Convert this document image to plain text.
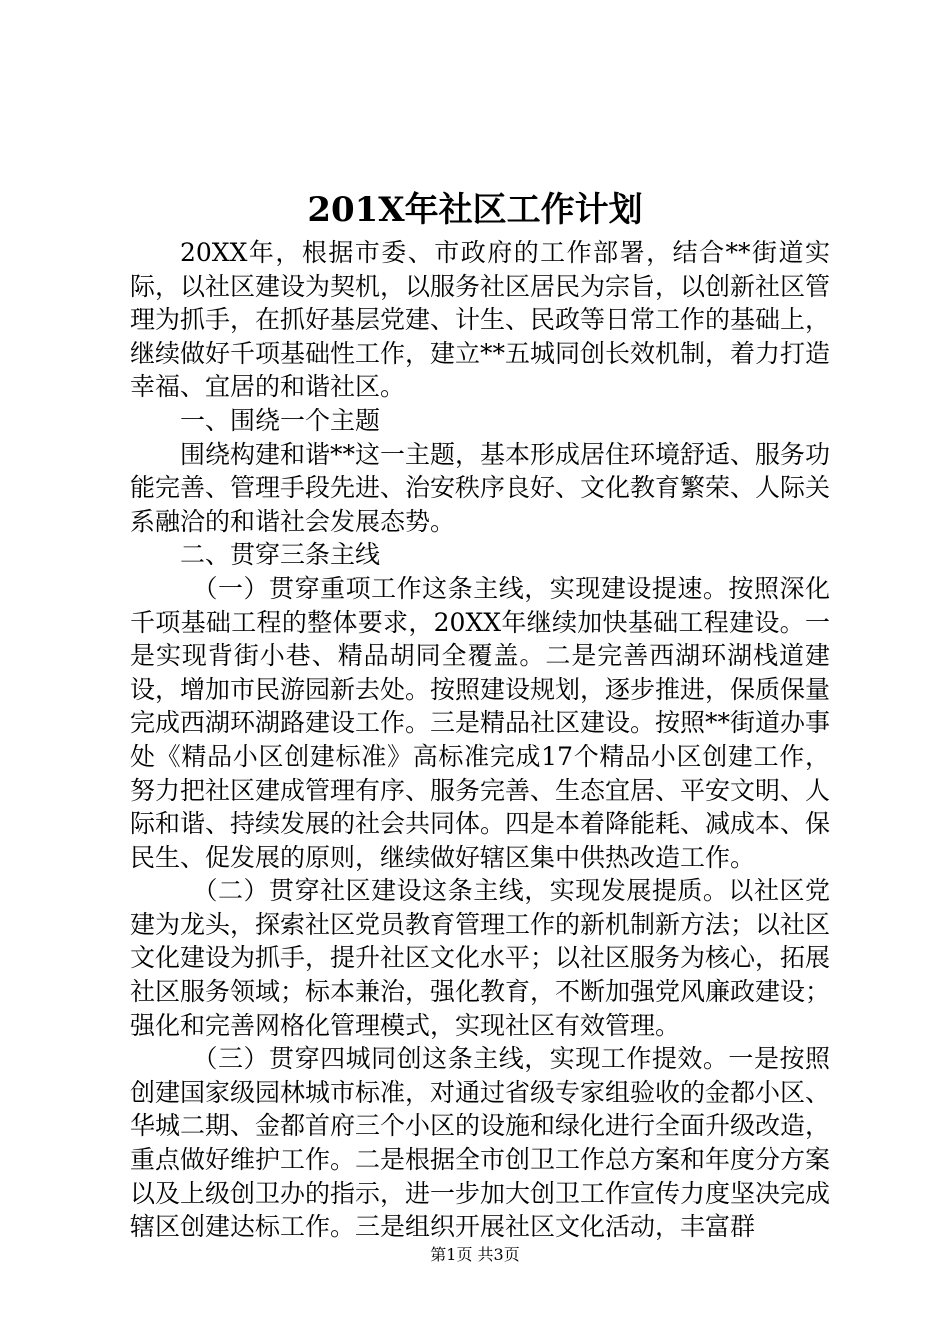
201X年社区工作计划

20XX年，根据市委、市政府的工作部署，结合**街道实际，以社区建设为契机，以服务社区居民为宗旨，以创新社区管理为抓手，在抓好基层党建、计生、民政等日常工作的基础上，继续做好千项基础性工作，建立**五城同创长效机制，着力打造幸福、宜居的和谐社区。

一、围绕一个主题

围绕构建和谐**这一主题，基本形成居住环境舒适、服务功能完善、管理手段先进、治安秩序良好、文化教育繁荣、人际关系融洽的和谐社会发展态势。

二、贯穿三条主线

（一）贯穿重项工作这条主线，实现建设提速。按照深化千项基础工程的整体要求，20XX年继续加快基础工程建设。一是实现背街小巷、精品胡同全覆盖。二是完善西湖环湖栈道建设，增加市民游园新去处。按照建设规划，逐步推进，保质保量完成西湖环湖路建设工作。三是精品社区建设。按照**街道办事处《精品小区创建标准》高标准完成17个精品小区创建工作，努力把社区建成管理有序、服务完善、生态宜居、平安文明、人际和谐、持续发展的社会共同体。四是本着降能耗、减成本、保民生、促发展的原则，继续做好辖区集中供热改造工作。

（二）贯穿社区建设这条主线，实现发展提质。以社区党建为龙头，探索社区党员教育管理工作的新机制新方法；以社区文化建设为抓手，提升社区文化水平；以社区服务为核心，拓展社区服务领域；标本兼治，强化教育，不断加强党风廉政建设；强化和完善网格化管理模式，实现社区有效管理。

（三）贯穿四城同创这条主线，实现工作提效。一是按照创建国家级园林城市标准，对通过省级专家组验收的金都小区、华城二期、金都首府三个小区的设施和绿化进行全面升级改造，重点做好维护工作。二是根据全市创卫工作总方案和年度分方案以及上级创卫办的指示，进一步加大创卫工作宣传力度坚决完成辖区创建达标工作。三是组织开展社区文化活动，丰富群

第1页 共3页
